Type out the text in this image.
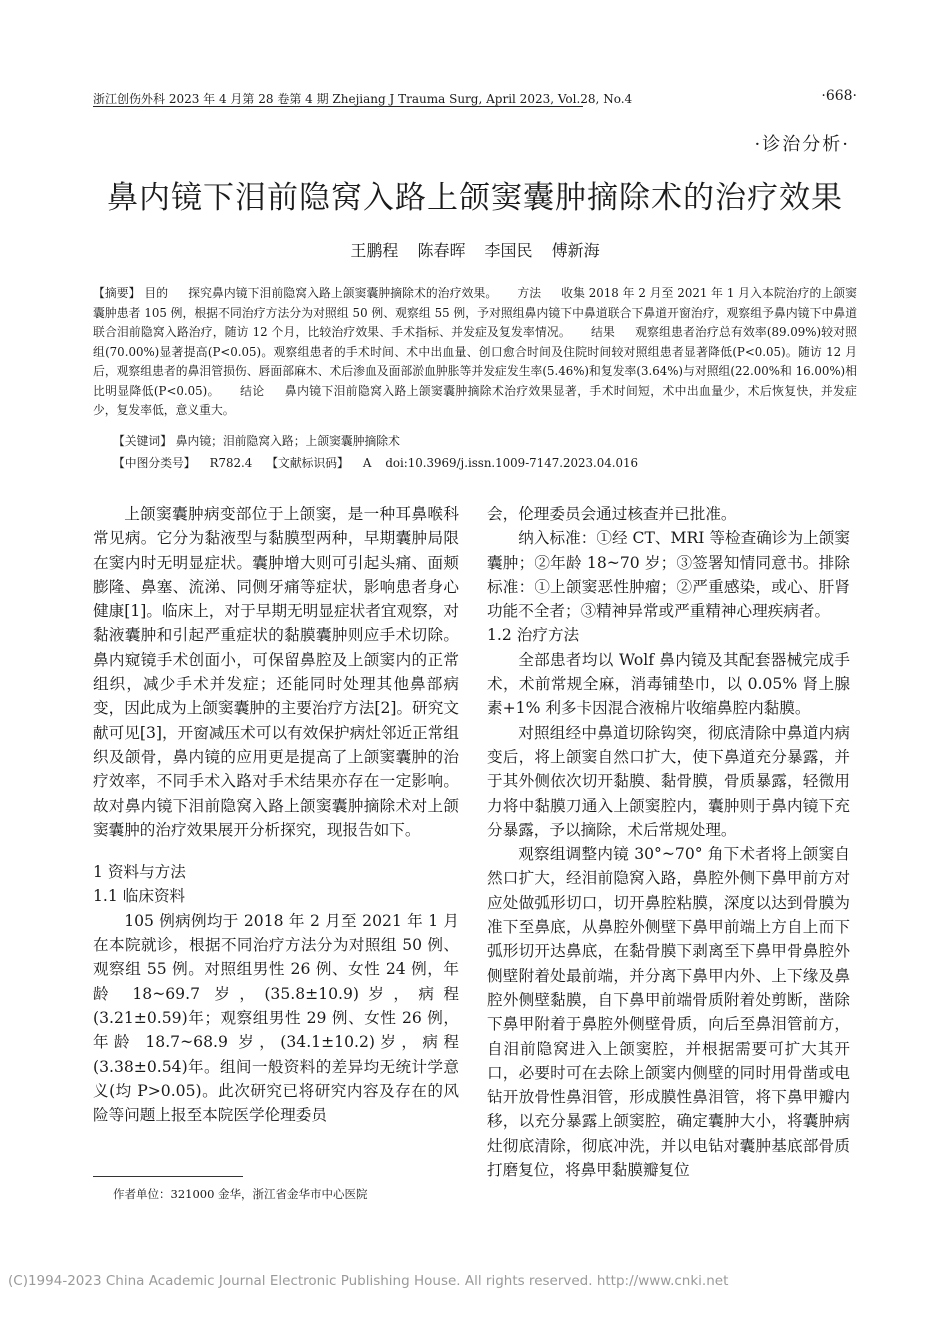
浙江创伤外科 2023 年 4 月第 28 卷第 4 期 Zhejiang J Trauma Surg, April 2023, Vol.28, No.4	·668·
·诊治分析·
鼻内镜下泪前隐窝入路上颌窦囊肿摘除术的治疗效果
王鹏程 陈春晖 李国民 傅新海
【摘要】 目的 探究鼻内镜下泪前隐窝入路上颌窦囊肿摘除术的治疗效果。 方法 收集 2018 年 2 月至 2021 年 1 月入本院治疗的上颌窦囊肿患者 105 例，根据不同治疗方法分为对照组 50 例、观察组 55 例，予对照组鼻内镜下中鼻道联合下鼻道开窗治疗，观察组予鼻内镜下中鼻道联合泪前隐窝入路治疗，随访 12 个月，比较治疗效果、手术指标、并发症及复发率情况。 结果 观察组患者治疗总有效率(89.09%)较对照组(70.00%)显著提高(P<0.05)。观察组患者的手术时间、术中出血量、创口愈合时间及住院时间较对照组患者显著降低(P<0.05)。随访 12 月后，观察组患者的鼻泪管损伤、唇面部麻木、术后渗血及面部淤血肿胀等并发症发生率(5.46%)和复发率(3.64%)与对照组(22.00%和 16.00%)相比明显降低(P<0.05)。 结论 鼻内镜下泪前隐窝入路上颌窦囊肿摘除术治疗效果显著，手术时间短，术中出血量少，术后恢复快，并发症少，复发率低，意义重大。
【关键词】 鼻内镜；泪前隐窝入路；上颌窦囊肿摘除术
【中图分类号】 R782.4 【文献标识码】 A doi:10.3969/j.issn.1009-7147.2023.04.016

上颌窦囊肿病变部位于上颌窦，是一种耳鼻喉科常见病。它分为黏液型与黏膜型两种，早期囊肿局限在窦内时无明显症状。囊肿增大则可引起头痛、面颊膨隆、鼻塞、流涕、同侧牙痛等症状，影响患者身心健康[1]。临床上，对于早期无明显症状者宜观察，对黏液囊肿和引起严重症状的黏膜囊肿则应手术切除。鼻内窥镜手术创面小，可保留鼻腔及上颌窦内的正常组织，减少手术并发症；还能同时处理其他鼻部病变，因此成为上颌窦囊肿的主要治疗方法[2]。研究文献可见[3]，开窗减压术可以有效保护病灶邻近正常组织及颌骨，鼻内镜的应用更是提高了上颌窦囊肿的治疗效率，不同手术入路对手术结果亦存在一定影响。故对鼻内镜下泪前隐窝入路上颌窦囊肿摘除术对上颌窦囊肿的治疗效果展开分析探究，现报告如下。

1 资料与方法
1.1 临床资料

105 例病例均于 2018 年 2 月至 2021 年 1 月在本院就诊，根据不同治疗方法分为对照组 50 例、观察组 55 例。对照组男性 26 例、女性 24 例，年龄 18~69.7 岁，(35.8±10.9)岁，病程(3.21±0.59)年；观察组男性 29 例、女性 26 例，年龄 18.7~68.9 岁，(34.1±10.2)岁，病程(3.38±0.54)年。组间一般资料的差异均无统计学意义(均 P>0.05)。此次研究已将研究内容及存在的风险等问题上报至本院医学伦理委员

会，伦理委员会通过核查并已批准。

纳入标准：①经 CT、MRI 等检查确诊为上颌窦囊肿；②年龄 18~70 岁；③签署知情同意书。排除标准：①上颌窦恶性肿瘤；②严重感染，或心、肝肾功能不全者；③精神异常或严重精神心理疾病者。

1.2 治疗方法

全部患者均以 Wolf 鼻内镜及其配套器械完成手术，术前常规全麻，消毒铺垫巾，以 0.05% 肾上腺素+1% 利多卡因混合液棉片收缩鼻腔内黏膜。

对照组经中鼻道切除钩突，彻底清除中鼻道内病变后，将上颌窦自然口扩大，使下鼻道充分暴露，并于其外侧依次切开黏膜、黏骨膜，骨质暴露，轻微用力将中黏膜刀通入上颌窦腔内，囊肿则于鼻内镜下充分暴露，予以摘除，术后常规处理。

观察组调整内镜 30°~70° 角下术者将上颌窦自然口扩大，经泪前隐窝入路，鼻腔外侧下鼻甲前方对应处做弧形切口，切开鼻腔粘膜，深度以达到骨膜为准下至鼻底，从鼻腔外侧壁下鼻甲前端上方自上而下弧形切开达鼻底，在黏骨膜下剥离至下鼻甲骨鼻腔外侧壁附着处最前端，并分离下鼻甲内外、上下缘及鼻腔外侧壁黏膜，自下鼻甲前端骨质附着处剪断，凿除下鼻甲附着于鼻腔外侧壁骨质，向后至鼻泪管前方，自泪前隐窝进入上颌窦腔，并根据需要可扩大其开口，必要时可在去除上颌窦内侧壁的同时用骨凿或电钻开放骨性鼻泪管，形成膜性鼻泪管，将下鼻甲瓣内移，以充分暴露上颌窦腔，确定囊肿大小，将囊肿病灶彻底清除，彻底冲洗，并以电钻对囊肿基底部骨质打磨复位，将鼻甲黏膜瓣复位

作者单位：321000 金华，浙江省金华市中心医院
(C)1994-2023 China Academic Journal Electronic Publishing House. All rights reserved. http://www.cnki.net
